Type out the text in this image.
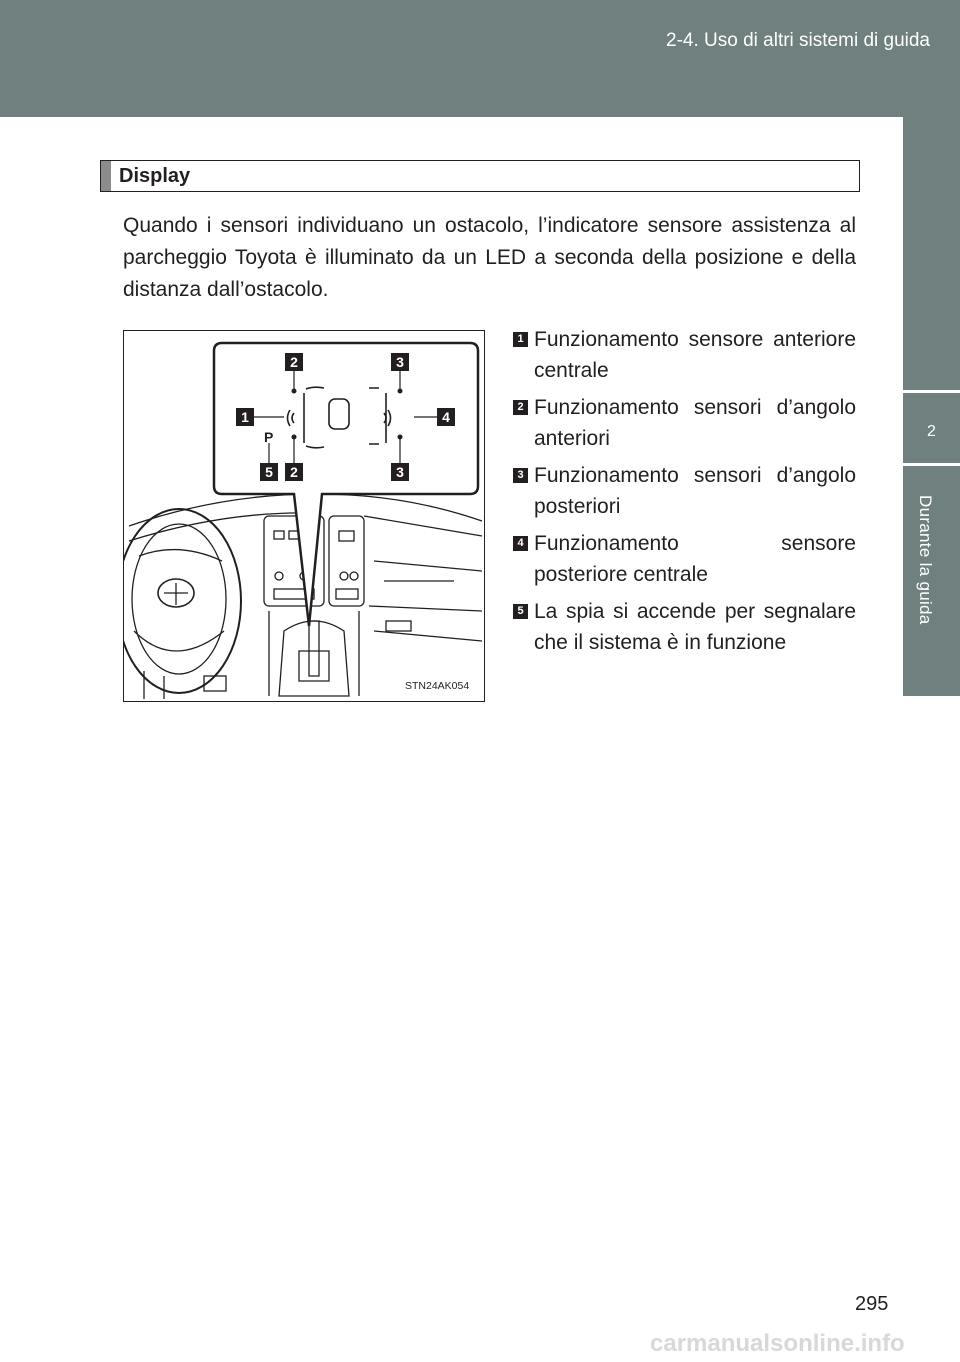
2-4. Uso di altri sistemi di guida
2
Durante la guida
Display

Quando i sensori individuano un ostacolo, l’indicatore sensore assistenza al parcheggio Toyota è illuminato da un LED a seconda della posizione e della distanza dall’ostacolo.

P
2	3
1	4
5 2	3
STN24AK054
1 Funzionamento sensore anteriore centrale
2 Funzionamento sensori d’angolo anteriori
3 Funzionamento sensori d’angolo posteriori
4 Funzionamento sensore posteriore centrale
5 La spia si accende per segnalare che il sistema è in funzione
295
carmanualsonline.info
